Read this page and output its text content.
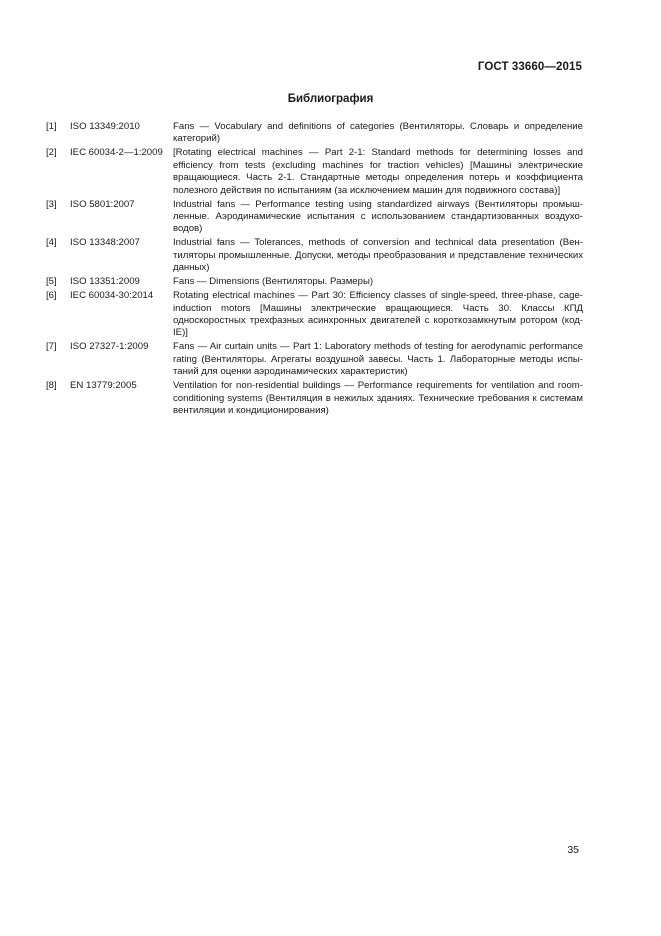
ГОСТ 33660—2015
Библиография
[1]	ISO 13349:2010	Fans — Vocabulary and definitions of categories (Вентиляторы. Словарь и определение категорий)
[2]	IEC 60034-2—1:2009	[Rotating electrical machines — Part 2-1: Standard methods for determining losses and efficiency from tests (excluding machines for traction vehicles) [Машины электрические вращающиеся. Часть 2-1. Стандартные методы определения потерь и коэффициента полезного действия по испытаниям (за исключением машин для подвижного состава)]
[3]	ISO 5801:2007	Industrial fans — Performance testing using standardized airways (Вентиляторы промышленные. Аэродинамические испытания с использованием стандартизованных воздуховодов)
[4]	ISO 13348:2007	Industrial fans — Tolerances, methods of conversion and technical data presentation (Вентиляторы промышленные. Допуски, методы преобразования и представление технических данных)
[5]	ISO 13351:2009	Fans — Dimensions (Вентиляторы. Размеры)
[6]	IEC 60034-30:2014	Rotating electrical machines — Part 30: Efficiency classes of single-speed, three-phase, cage-induction motors [Машины электрические вращающиеся. Часть 30. Классы КПД односкоростных трехфазных асинхронных двигателей с короткозамкнутым ротором (код-IE)]
[7]	ISO 27327-1:2009	Fans — Air curtain units — Part 1: Laboratory methods of testing for aerodynamic performance rating (Вентиляторы. Агрегаты воздушной завесы. Часть 1. Лабораторные методы испытаний для оценки аэродинамических характеристик)
[8]	EN 13779:2005	Ventilation for non-residential buildings — Performance requirements for ventilation and room-conditioning systems (Вентиляция в нежилых зданиях. Технические требования к системам вентиляции и кондиционирования)
35
